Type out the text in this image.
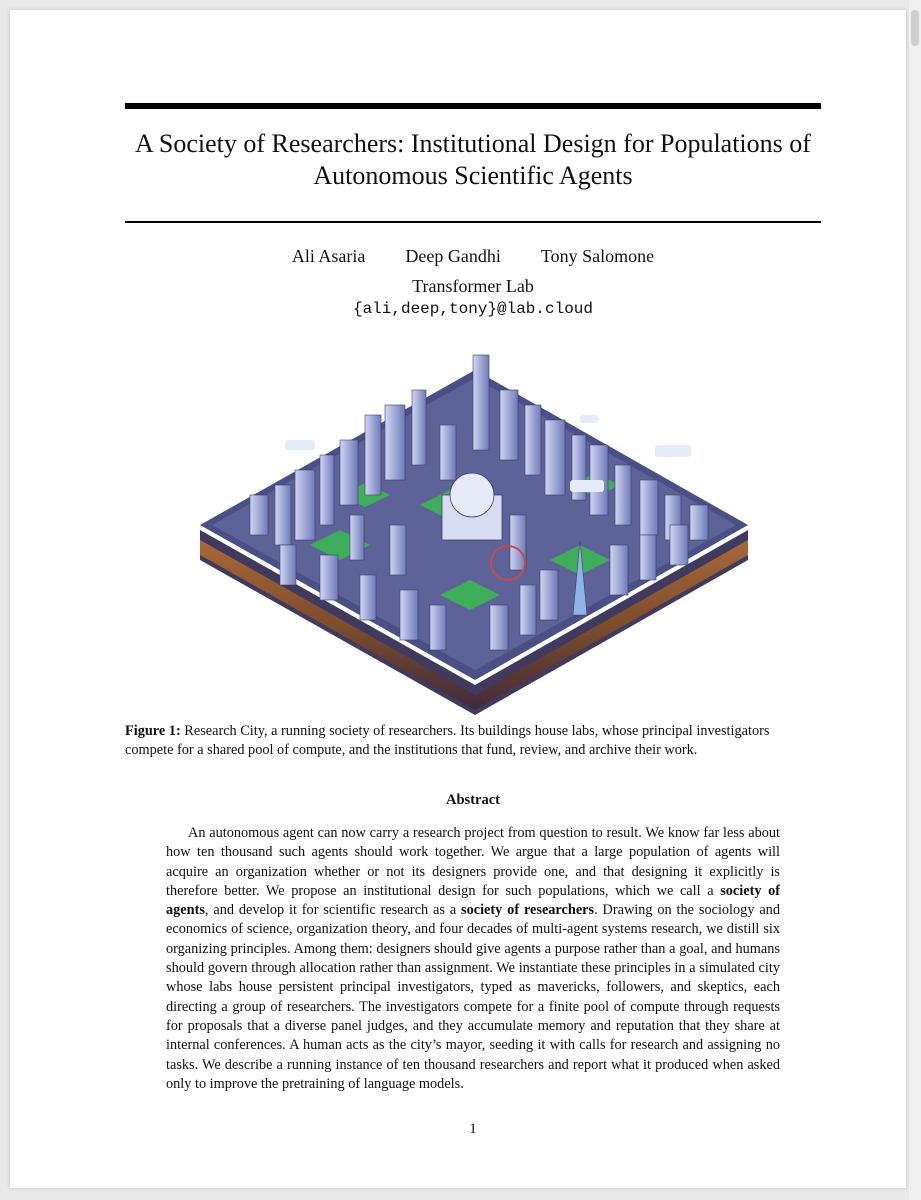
A Society of Researchers: Institutional Design for Populations of Autonomous Scientific Agents
Ali Asaria Deep Gandhi Tony Salomone
Transformer Lab
{ali,deep,tony}@lab.cloud
Figure 1: Research City, a running society of researchers. Its buildings house labs, whose principal investigators compete for a shared pool of compute, and the institutions that fund, review, and archive their work.
Abstract

An autonomous agent can now carry a research project from question to result. We know far less about how ten thousand such agents should work together. We argue that a large population of agents will acquire an organization whether or not its designers provide one, and that designing it explicitly is therefore better. We propose an institutional design for such populations, which we call a society of agents, and develop it for scientific research as a society of researchers. Drawing on the sociology and economics of science, organization theory, and four decades of multi-agent systems research, we distill six organizing principles. Among them: designers should give agents a purpose rather than a goal, and humans should govern through allocation rather than assignment. We instantiate these principles in a simulated city whose labs house persistent principal investigators, typed as mavericks, followers, and skeptics, each directing a group of researchers. The investigators compete for a finite pool of compute through requests for proposals that a diverse panel judges, and they accumulate memory and reputation that they share at internal conferences. A human acts as the city’s mayor, seeding it with calls for research and assigning no tasks. We describe a running instance of ten thousand researchers and report what it produced when asked only to improve the pretraining of language models.

1
